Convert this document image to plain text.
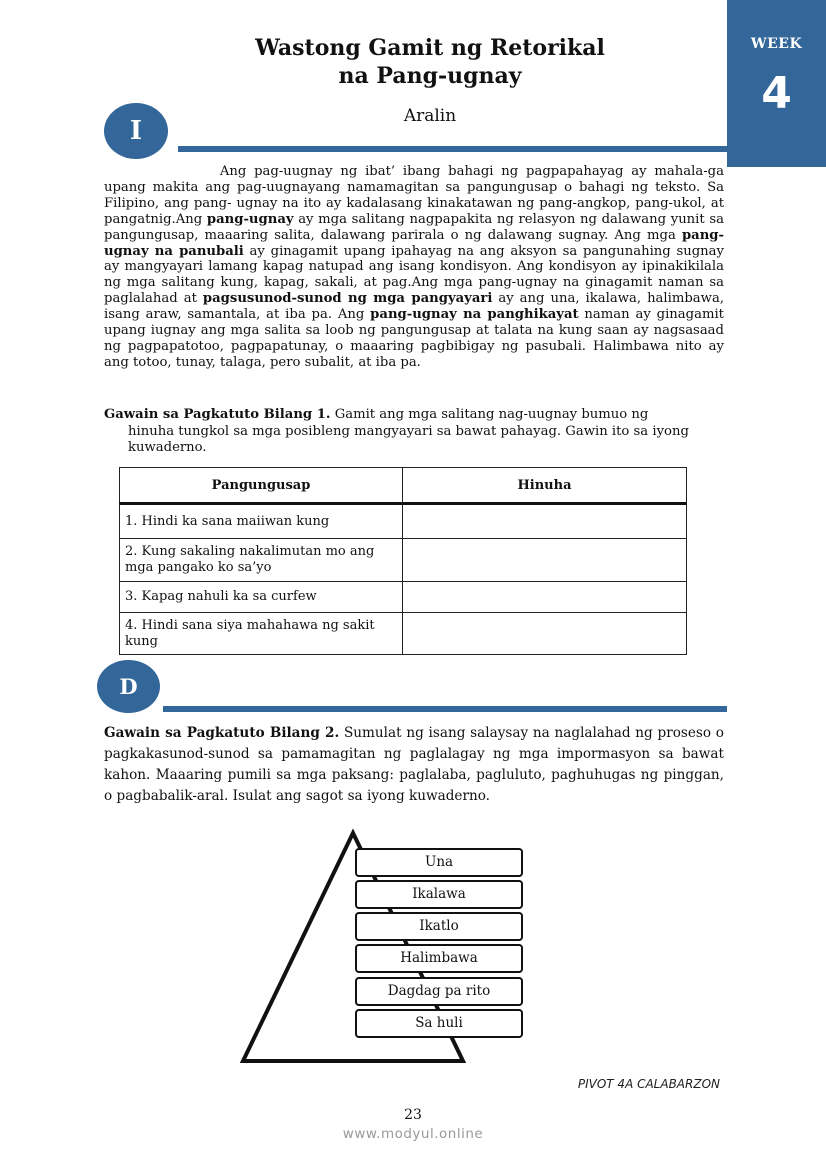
WEEK
4
Wastong Gamit ng Retorikal
na Pang-ugnay
Aralin
I
Ang pag-uugnay ng ibat’ ibang bahagi ng pagpapahayag ay mahala-ga upang makita ang pag-uugnayang namamagitan sa pangungusap o bahagi ng teksto. Sa Filipino, ang pang- ugnay na ito ay kadalasang kinakatawan ng pang-angkop, pang-ukol, at pangatnig.Ang pang-ugnay ay mga salitang nagpapakita ng relasyon ng dalawang yunit sa pangungusap, maaaring salita, dalawang parirala o ng dalawang sugnay. Ang mga pang-ugnay na panubali ay ginagamit upang ipahayag na ang aksyon sa pangunahing sugnay ay mangyayari lamang kapag natupad ang isang kondisyon. Ang kondisyon ay ipinakikilala ng mga salitang kung, kapag, sakali, at pag.Ang mga pang-ugnay na ginagamit naman sa paglalahad at pagsusunod-sunod ng mga pangyayari ay ang una, ikalawa, halimbawa, isang araw, samantala, at iba pa. Ang pang-ugnay na panghikayat naman ay ginagamit upang iugnay ang mga salita sa loob ng pangungusap at talata na kung saan ay nagsasaad ng pagpapatotoo, pagpapatunay, o maaaring pagbibigay ng pasubali. Halimbawa nito ay ang totoo, tunay, talaga, pero subalit, at iba pa.
Gawain sa Pagkatuto Bilang 1. Gamit ang mga salitang nag-uugnay bumuo ng
hinuha tungkol sa mga posibleng mangyayari sa bawat pahayag. Gawin ito sa iyong kuwaderno.
Pangungusap	Hinuha
1. Hindi ka sana maiiwan kung	
2. Kung sakaling nakalimutan mo ang mga pangako ko sa’yo	
3. Kapag nahuli ka sa curfew	
4. Hindi sana siya mahahawa ng sakit kung	
D
Gawain sa Pagkatuto Bilang 2. Sumulat ng isang salaysay na naglalahad ng proseso o pagkakasunod-sunod sa pamamagitan ng paglalagay ng mga impormasyon sa bawat kahon. Maaaring pumili sa mga paksang: paglalaba, pagluluto, paghuhugas ng pinggan, o pagbabalik-aral. Isulat ang sagot sa iyong kuwaderno.
Una
Ikalawa
Ikatlo
Halimbawa
Dagdag pa rito
Sa huli
PIVOT 4A CALABARZON
23
www.modyul.online
